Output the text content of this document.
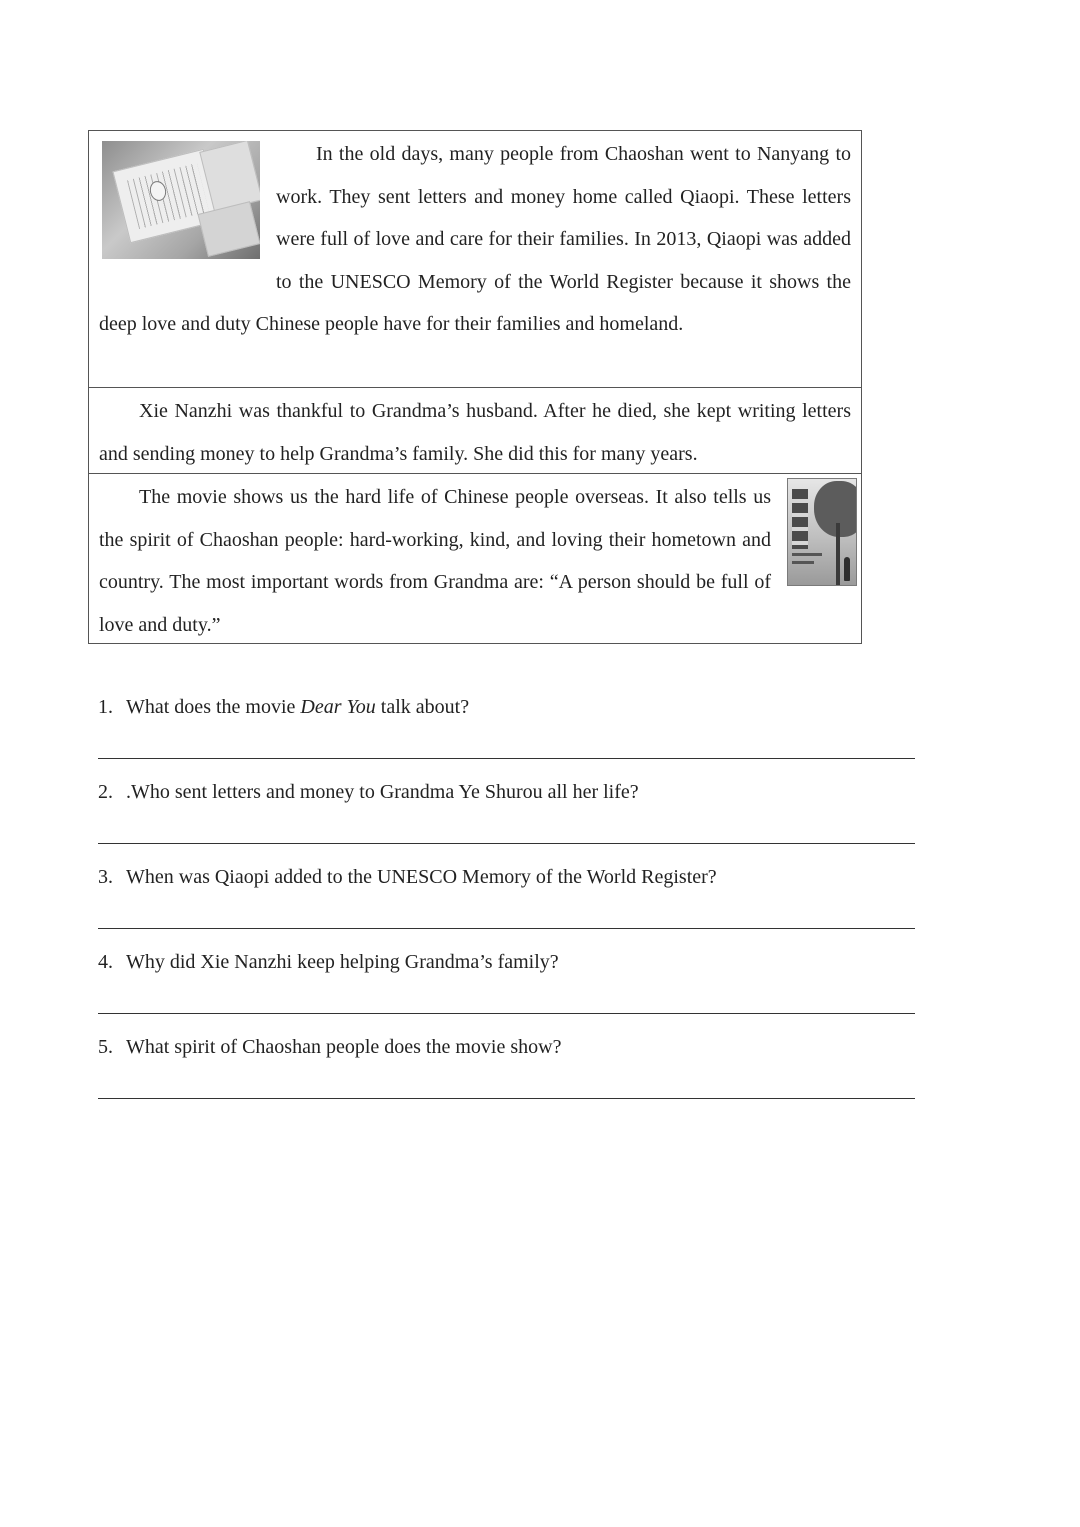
In the old days, many people from Chaoshan went to Nanyang to work. They sent letters and money home called Qiaopi. These letters were full of love and care for their families. In 2013, Qiaopi was added to the UNESCO Memory of the World Register because it shows the deep love and duty Chinese people have for their families and homeland.

Xie Nanzhi was thankful to Grandma’s husband. After he died, she kept writing letters and sending money to help Grandma’s family. She did this for many years.

The movie shows us the hard life of Chinese people overseas. It also tells us the spirit of Chaoshan people: hard-working, kind, and loving their hometown and country. The most important words from Grandma are: “A person should be full of love and duty.”

1. What does the movie Dear You talk about?
2. .Who sent letters and money to Grandma Ye Shurou all her life?
3. When was Qiaopi added to the UNESCO Memory of the World Register?
4. Why did Xie Nanzhi keep helping Grandma’s family?
5. What spirit of Chaoshan people does the movie show?
